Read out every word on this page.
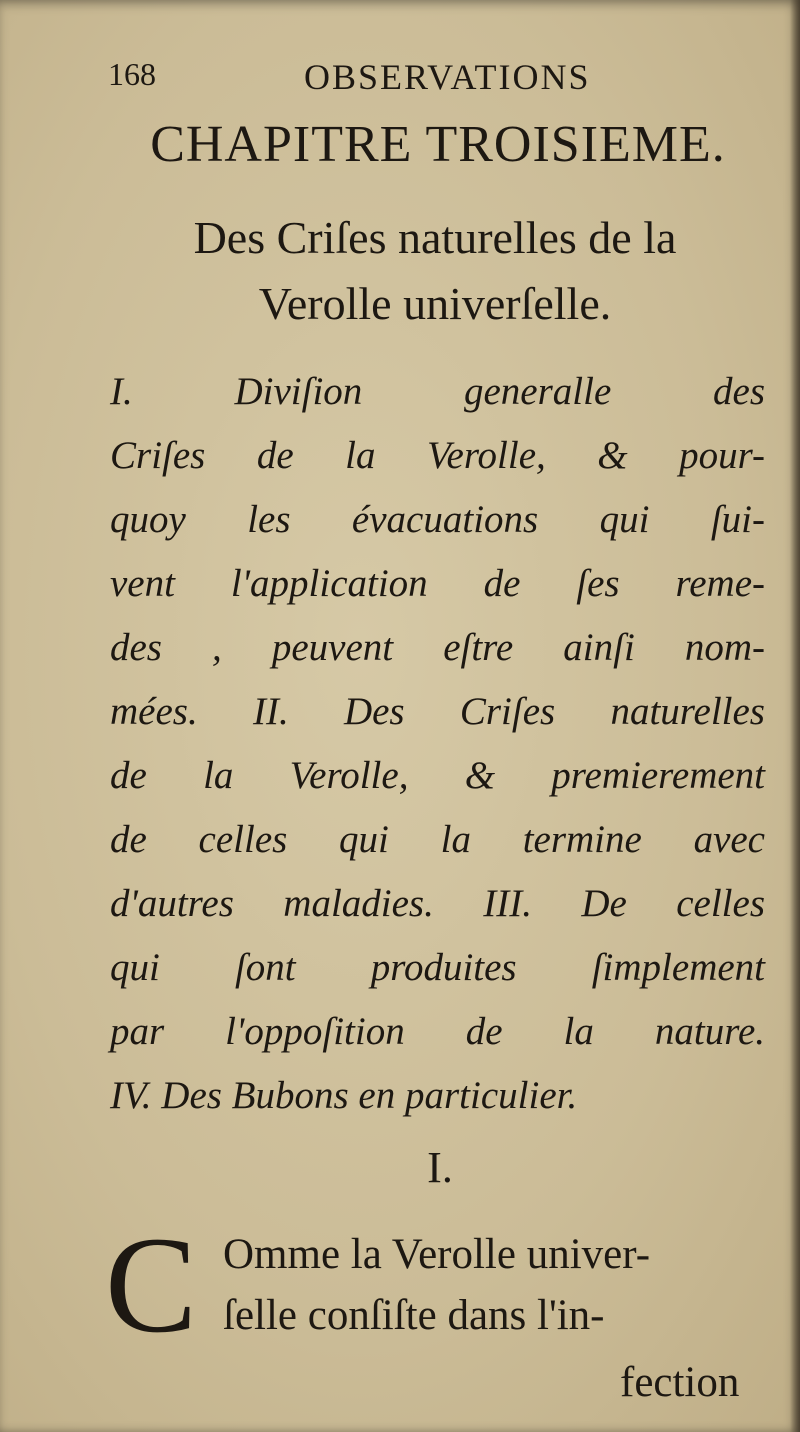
168	OBSERVATIONS
CHAPITRE TROISIEME.
Des Criſes naturelles de la
Verolle univerſelle.
I. Diviſion generalle des
Criſes de la Verolle, & pour-
quoy les évacuations qui ſui-
vent l'application de ſes reme-
des , peuvent eſtre ainſi nom-
mées. II. Des Criſes naturelles
de la Verolle, & premierement
de celles qui la termine avec
d'autres maladies. III. De celles
qui ſont produites ſimplement
par l'oppoſition de la nature.
IV. Des Bubons en particulier.
I.
C Omme la Verolle univer-
ſelle conſiſte dans l'in-
fection
